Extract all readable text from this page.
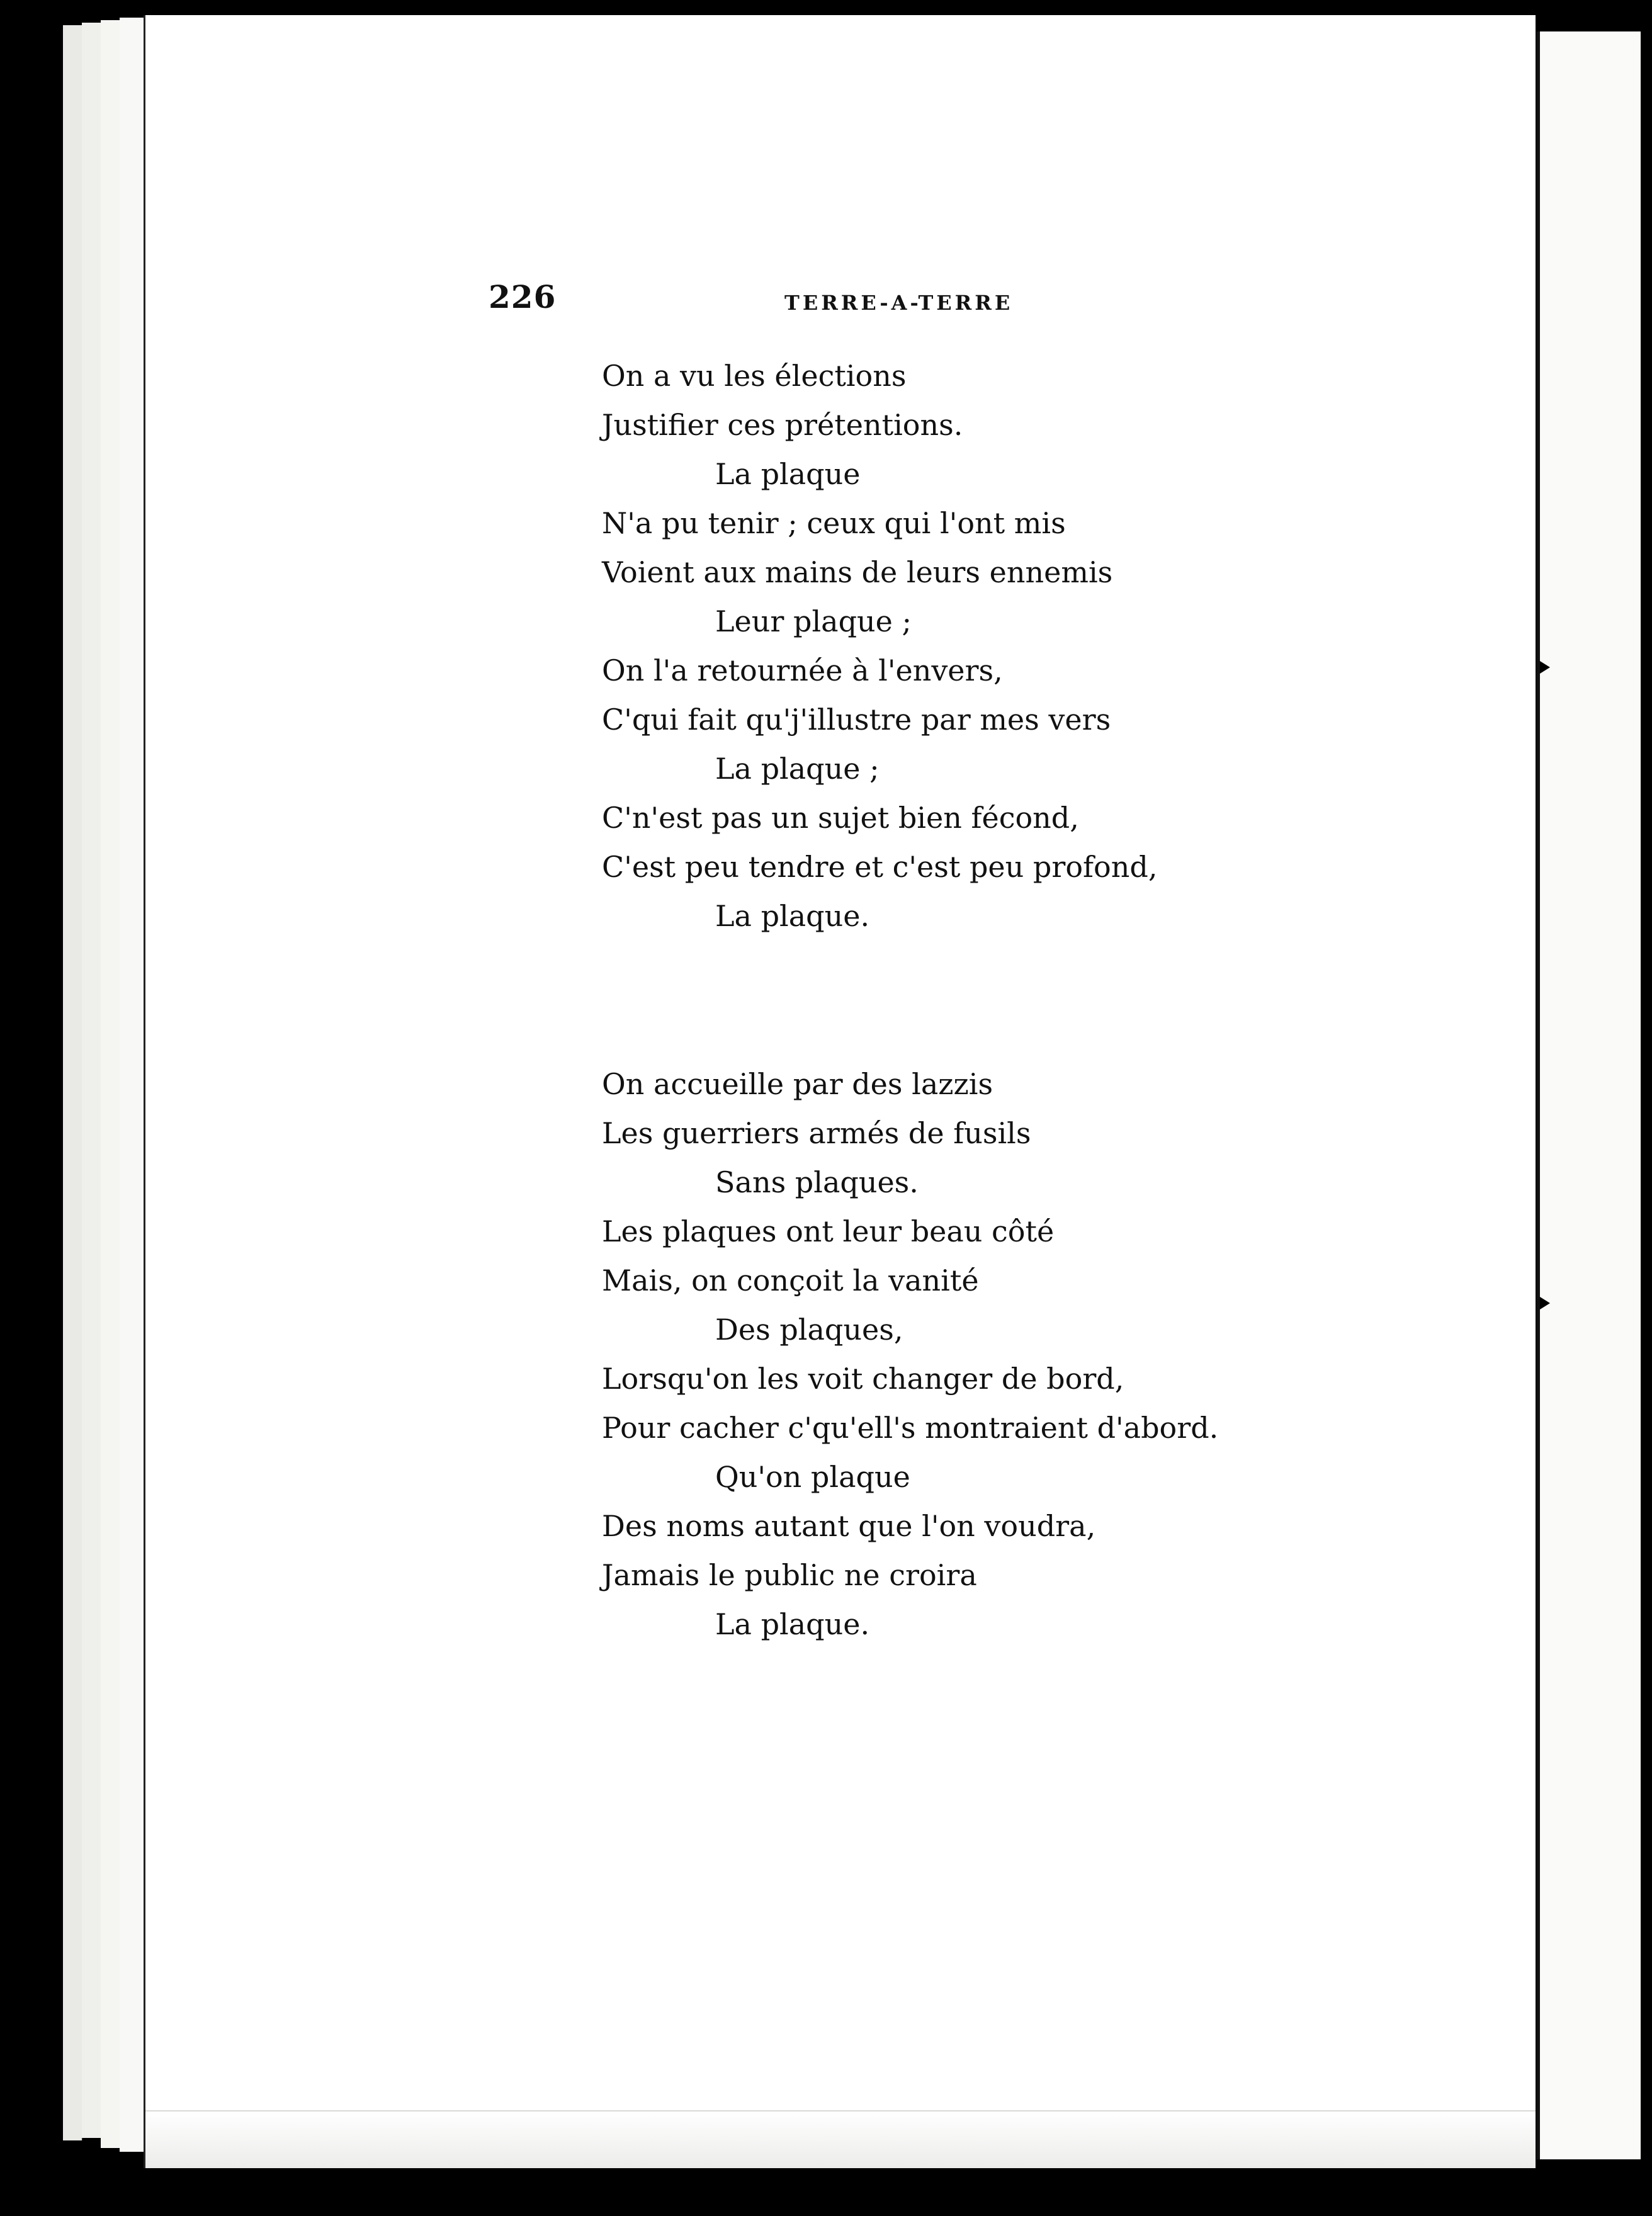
226	TERRE-A-TERRE
On a vu les élections
Justifier ces prétentions.
La plaque
N'a pu tenir ; ceux qui l'ont mis
Voient aux mains de leurs ennemis
Leur plaque ;
On l'a retournée à l'envers,
C'qui fait qu'j'illustre par mes vers
La plaque ;
C'n'est pas un sujet bien fécond,
C'est peu tendre et c'est peu profond,
La plaque.
On accueille par des lazzis
Les guerriers armés de fusils
Sans plaques.
Les plaques ont leur beau côté
Mais, on conçoit la vanité
Des plaques,
Lorsqu'on les voit changer de bord,
Pour cacher c'qu'ell's montraient d'abord.
Qu'on plaque
Des noms autant que l'on voudra,
Jamais le public ne croira
La plaque.
